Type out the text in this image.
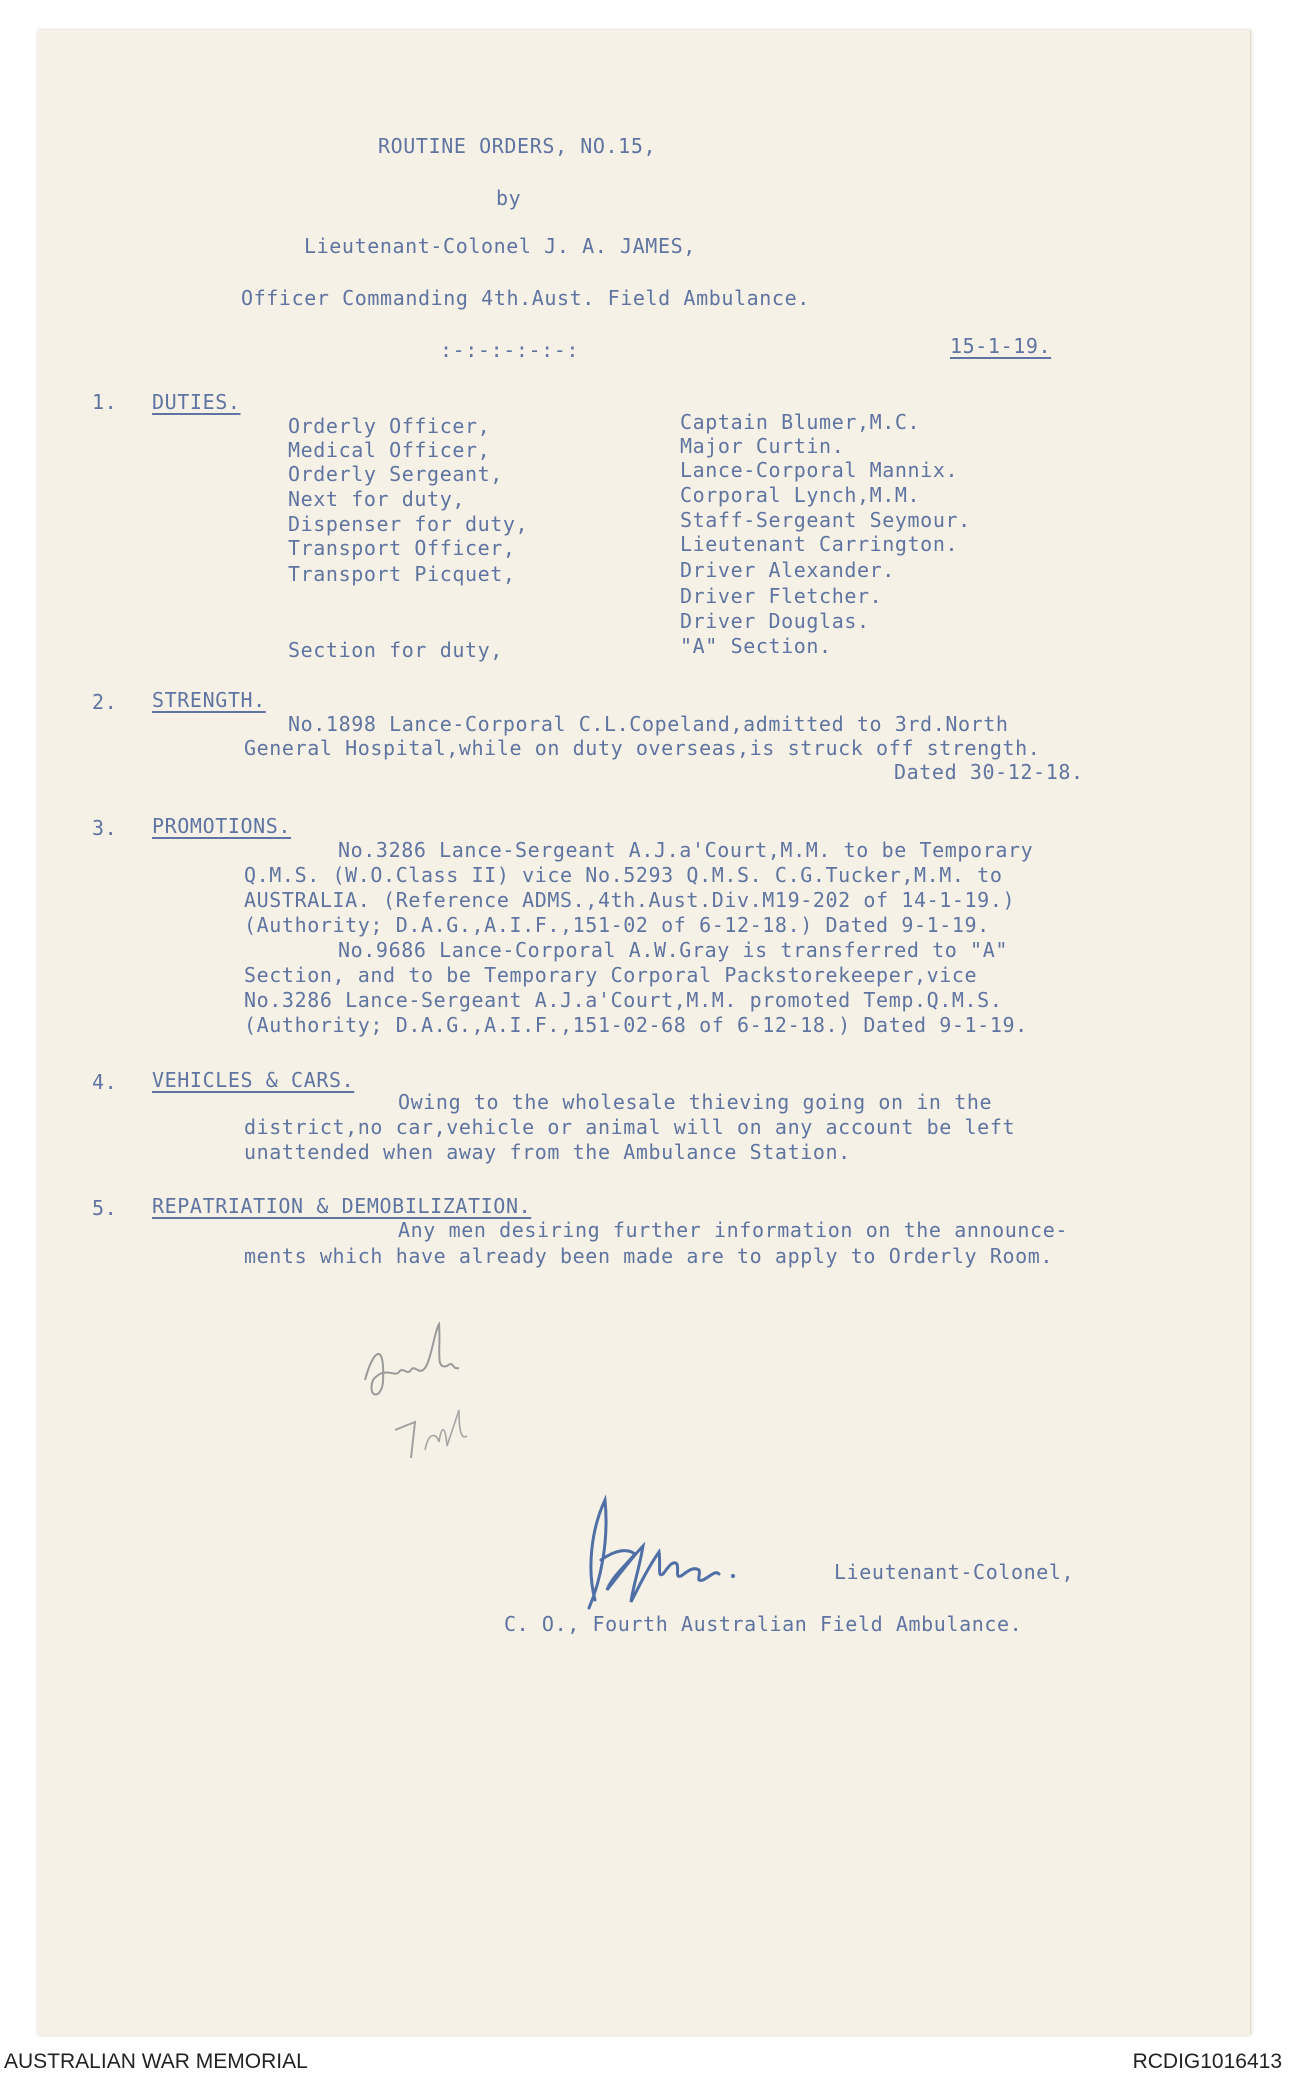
ROUTINE ORDERS, NO.15,
by
Lieutenant-Colonel J. A. JAMES,
Officer Commanding 4th.Aust. Field Ambulance.
:-:-:-:-:-:	15-1-19.
1. DUTIES.
Orderly Officer,	Captain Blumer,M.C.
Medical Officer,	Major Curtin.
Orderly Sergeant,	Lance-Corporal Mannix.
Next for duty,	Corporal Lynch,M.M.
Dispenser for duty,	Staff-Sergeant Seymour.
Transport Officer,	Lieutenant Carrington.
Transport Picquet,	Driver Alexander.
Driver Fletcher.
Driver Douglas.
Section for duty,	"A" Section.
2. STRENGTH.
No.1898 Lance-Corporal C.L.Copeland,admitted to 3rd.North
General Hospital,while on duty overseas,is struck off strength.
Dated 30-12-18.
3. PROMOTIONS.
No.3286 Lance-Sergeant A.J.a'Court,M.M. to be Temporary
Q.M.S. (W.O.Class II) vice No.5293 Q.M.S. C.G.Tucker,M.M. to
AUSTRALIA. (Reference ADMS.,4th.Aust.Div.M19-202 of 14-1-19.)
(Authority; D.A.G.,A.I.F.,151-02 of 6-12-18.) Dated 9-1-19.
No.9686 Lance-Corporal A.W.Gray is transferred to "A"
Section, and to be Temporary Corporal Packstorekeeper,vice
No.3286 Lance-Sergeant A.J.a'Court,M.M. promoted Temp.Q.M.S.
(Authority; D.A.G.,A.I.F.,151-02-68 of 6-12-18.) Dated 9-1-19.
4. VEHICLES & CARS.
Owing to the wholesale thieving going on in the
district,no car,vehicle or animal will on any account be left
unattended when away from the Ambulance Station.
5. REPATRIATION & DEMOBILIZATION.
Any men desiring further information on the announce-
ments which have already been made are to apply to Orderly Room.
Lieutenant-Colonel,
C. O., Fourth Australian Field Ambulance.
AUSTRALIAN WAR MEMORIAL	RCDIG1016413
